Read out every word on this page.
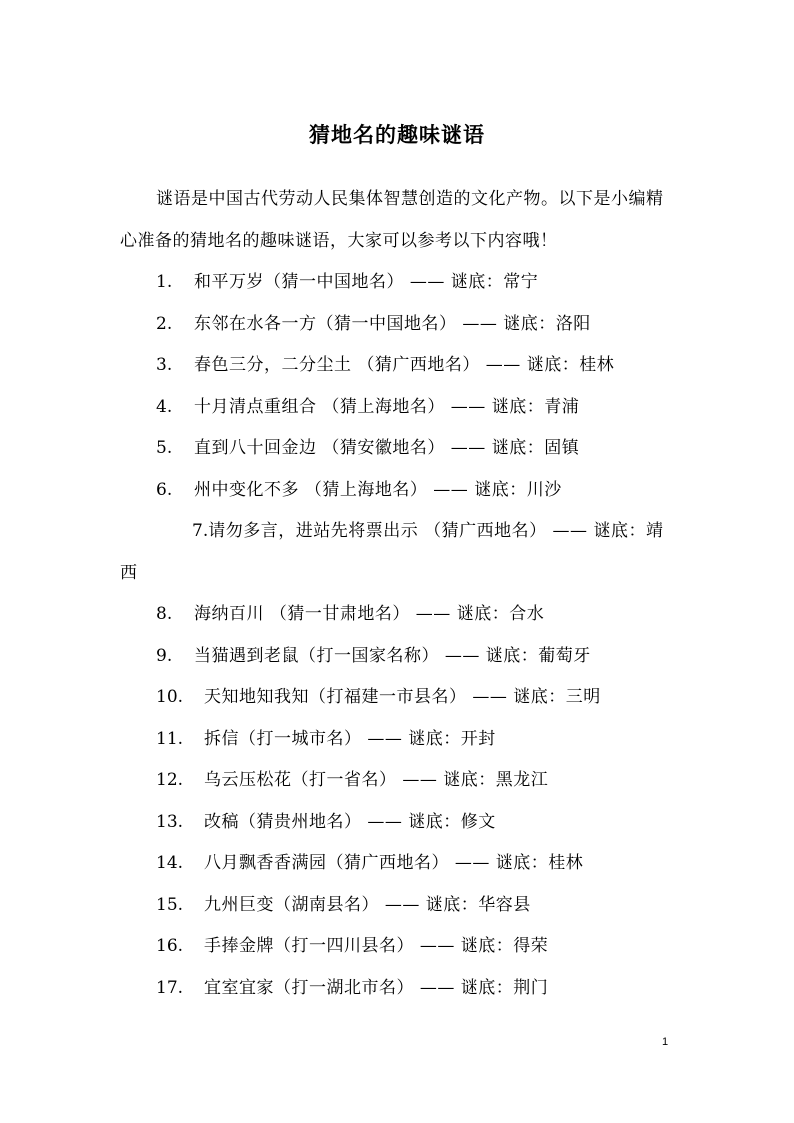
猜地名的趣味谜语
谜语是中国古代劳动人民集体智慧创造的文化产物。以下是小编精心准备的猜地名的趣味谜语，大家可以参考以下内容哦！
1. 和平万岁（猜一中国地名） —— 谜底：常宁
2. 东邻在水各一方（猜一中国地名） —— 谜底：洛阳
3. 春色三分，二分尘土 （猜广西地名） —— 谜底：桂林
4. 十月清点重组合 （猜上海地名） —— 谜底：青浦
5. 直到八十回金边 （猜安徽地名） —— 谜底：固镇
6. 州中变化不多 （猜上海地名） —— 谜底：川沙
7.请勿多言，进站先将票出示 （猜广西地名） —— 谜底：靖西
8. 海纳百川 （猜一甘肃地名） —— 谜底：合水
9. 当猫遇到老鼠（打一国家名称） —— 谜底：葡萄牙
10. 天知地知我知（打福建一市县名） —— 谜底：三明
11. 拆信（打一城市名） —— 谜底：开封
12. 乌云压松花（打一省名） —— 谜底：黑龙江
13. 改稿（猜贵州地名） —— 谜底：修文
14. 八月飘香香满园（猜广西地名） —— 谜底：桂林
15. 九州巨变（湖南县名） —— 谜底：华容县
16. 手捧金牌（打一四川县名） —— 谜底：得荣
17. 宜室宜家（打一湖北市名） —— 谜底：荆门
1
